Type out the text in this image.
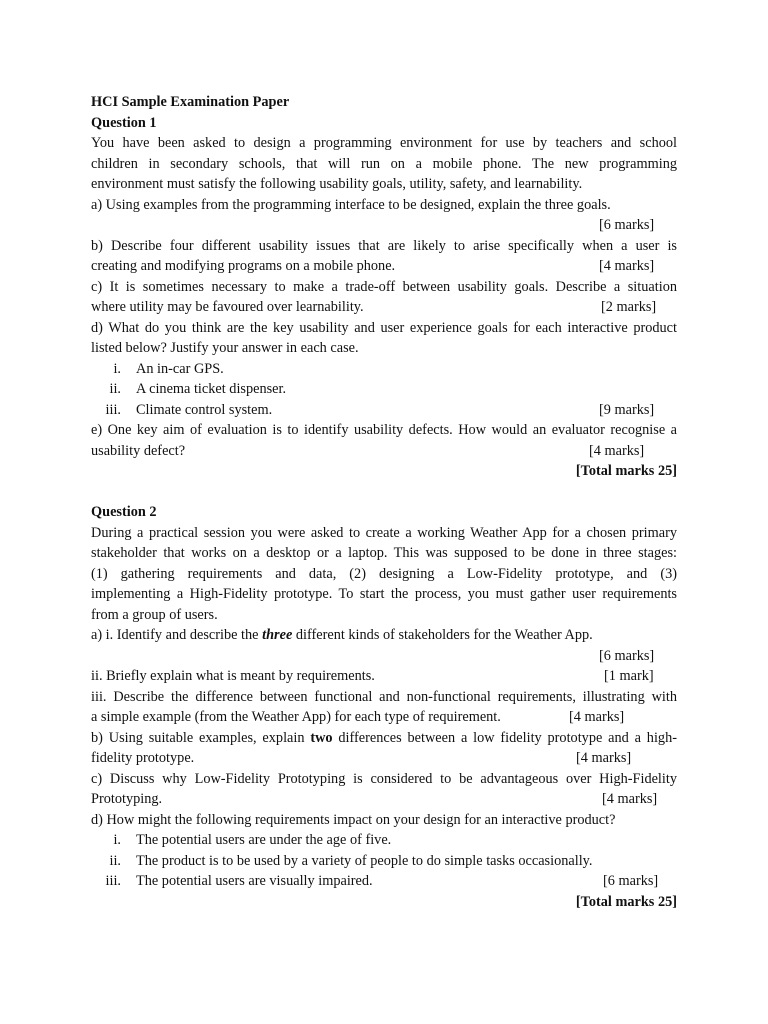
HCI Sample Examination Paper
Question 1
You have been asked to design a programming environment for use by teachers and school
children in secondary schools, that will run on a mobile phone. The new programming
environment must satisfy the following usability goals, utility, safety, and learnability.
a) Using examples from the programming interface to be designed, explain the three goals.
[6 marks]
b) Describe four different usability issues that are likely to arise specifically when a user is
creating and modifying programs on a mobile phone.	[4 marks]
c) It is sometimes necessary to make a trade-off between usability goals. Describe a situation
where utility may be favoured over learnability.	[2 marks]
d) What do you think are the key usability and user experience goals for each interactive product
listed below? Justify your answer in each case.
i. An in-car GPS.
ii. A cinema ticket dispenser.
iii. Climate control system.	[9 marks]
e) One key aim of evaluation is to identify usability defects. How would an evaluator recognise a
usability defect?	[4 marks]
[Total marks 25]
Question 2
During a practical session you were asked to create a working Weather App for a chosen primary
stakeholder that works on a desktop or a laptop. This was supposed to be done in three stages:
(1) gathering requirements and data, (2) designing a Low-Fidelity prototype, and (3)
implementing a High-Fidelity prototype. To start the process, you must gather user requirements
from a group of users.
a) i. Identify and describe the three different kinds of stakeholders for the Weather App.
[6 marks]
ii. Briefly explain what is meant by requirements.	[1 mark]
iii. Describe the difference between functional and non-functional requirements, illustrating with
a simple example (from the Weather App) for each type of requirement.	[4 marks]
b) Using suitable examples, explain two differences between a low fidelity prototype and a high-
fidelity prototype.	[4 marks]
c) Discuss why Low-Fidelity Prototyping is considered to be advantageous over High-Fidelity
Prototyping.	[4 marks]
d) How might the following requirements impact on your design for an interactive product?
i. The potential users are under the age of five.
ii. The product is to be used by a variety of people to do simple tasks occasionally.
iii. The potential users are visually impaired.	[6 marks]
[Total marks 25]
